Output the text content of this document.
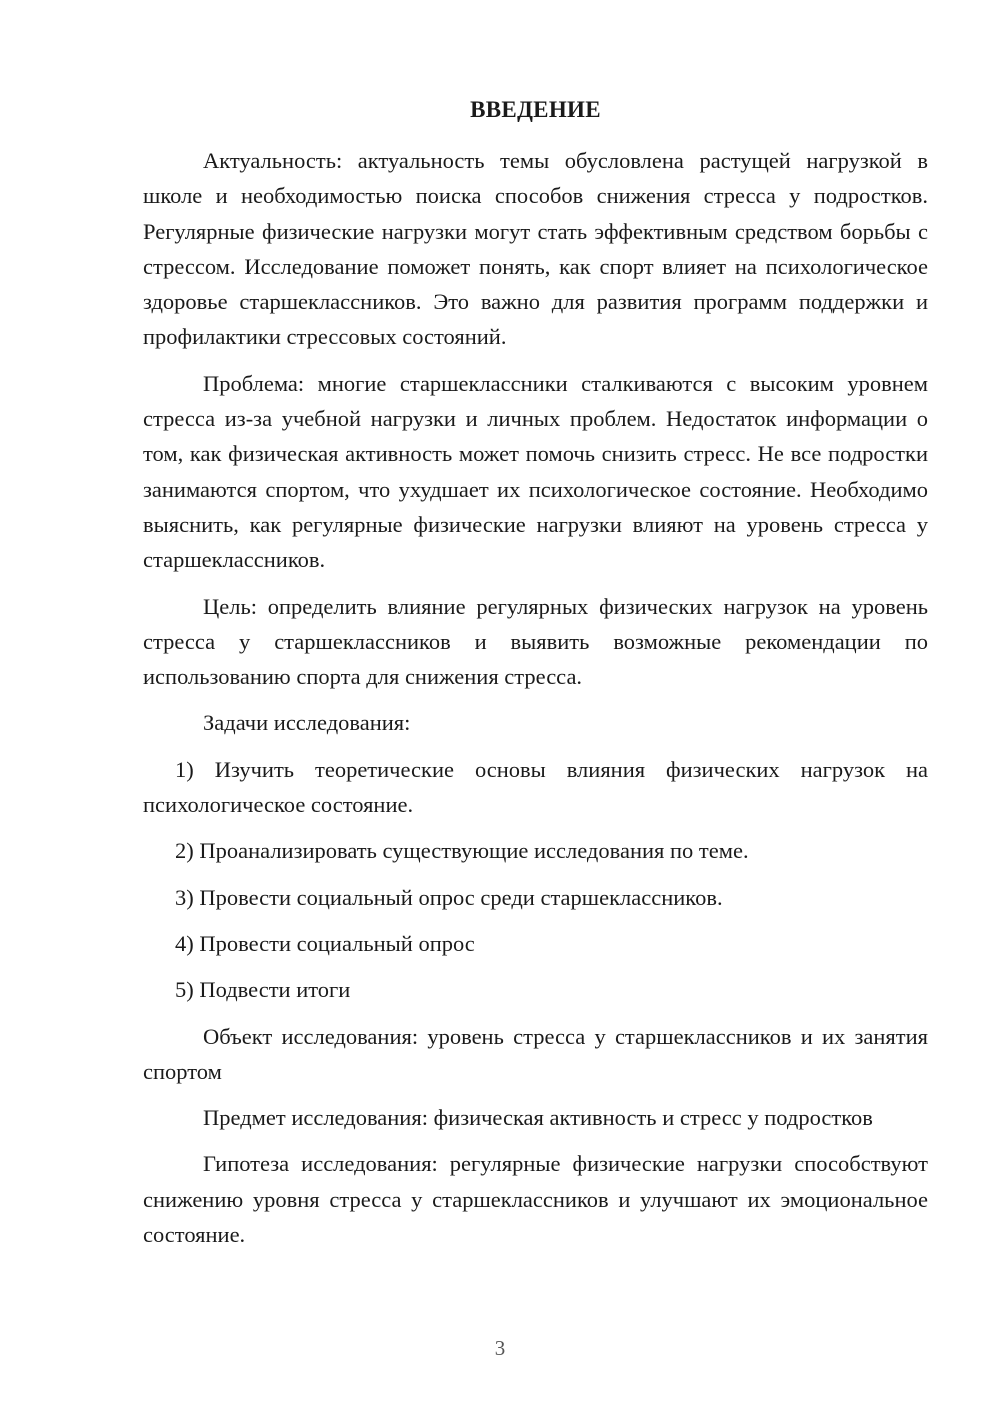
ВВЕДЕНИЕ

Актуальность: актуальность темы обусловлена растущей нагрузкой в школе и необходимостью поиска способов снижения стресса у подростков. Регулярные физические нагрузки могут стать эффективным средством борьбы с стрессом. Исследование поможет понять, как спорт влияет на психологическое здоровье старшеклассников. Это важно для развития программ поддержки и профилактики стрессовых состояний.

Проблема: многие старшеклассники сталкиваются с высоким уровнем стресса из-за учебной нагрузки и личных проблем. Недостаток информации о том, как физическая активность может помочь снизить стресс. Не все подростки занимаются спортом, что ухудшает их психологическое состояние. Необходимо выяснить, как регулярные физические нагрузки влияют на уровень стресса у старшеклассников.

Цель: определить влияние регулярных физических нагрузок на уровень стресса у старшеклассников и выявить возможные рекомендации по использованию спорта для снижения стресса.

Задачи исследования:

1) Изучить теоретические основы влияния физических нагрузок на психологическое состояние.

2) Проанализировать существующие исследования по теме.

3) Провести социальный опрос среди старшеклассников.

4) Провести социальный опрос

5) Подвести итоги

Объект исследования: уровень стресса у старшеклассников и их занятия спортом

Предмет исследования: физическая активность и стресс у подростков

Гипотеза исследования: регулярные физические нагрузки способствуют снижению уровня стресса у старшеклассников и улучшают их эмоциональное состояние.

3
